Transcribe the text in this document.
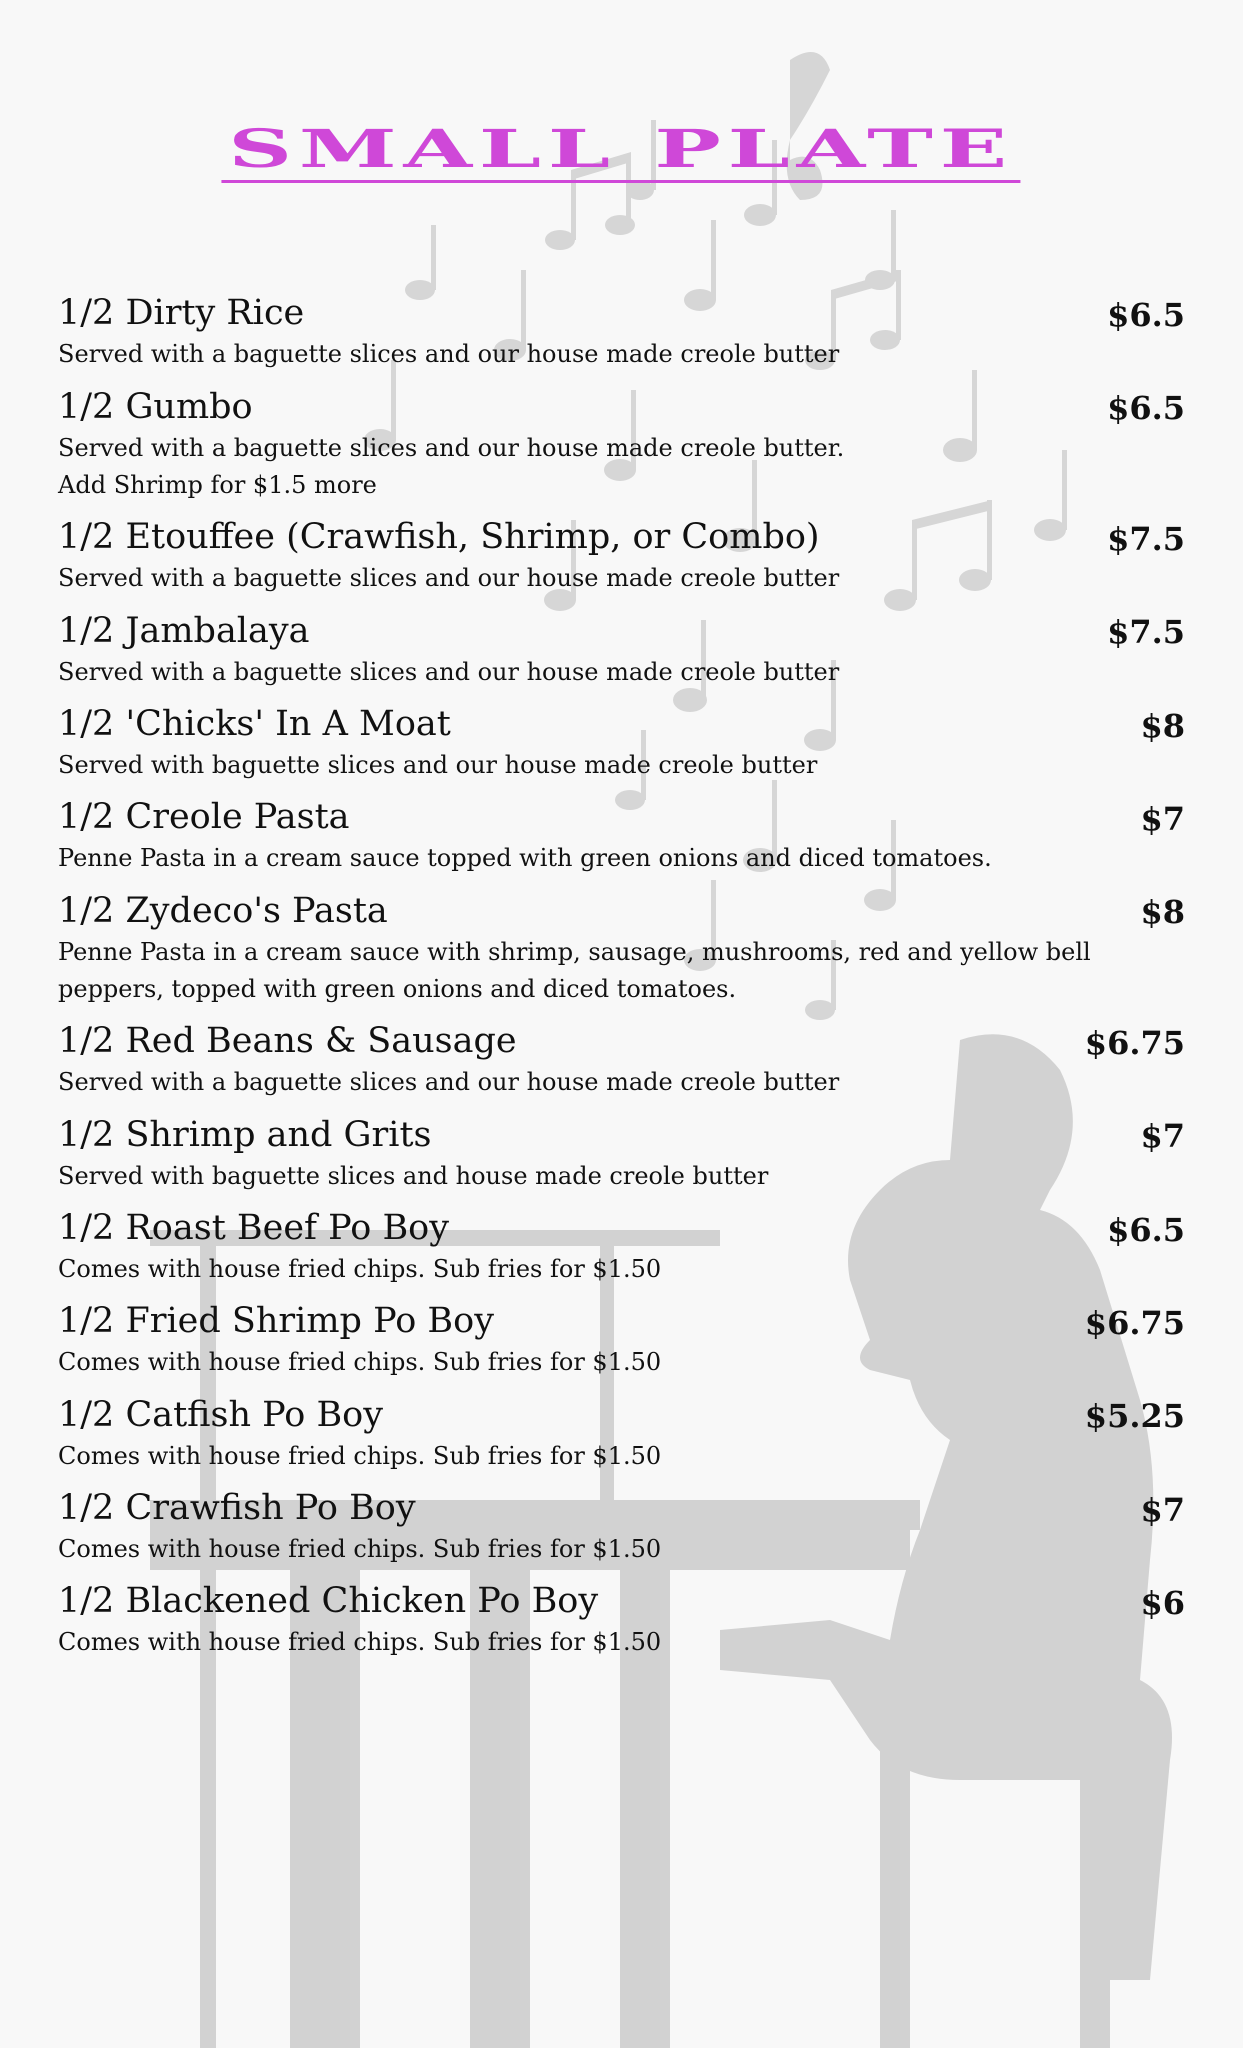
SMALL PLATE
1/2 Dirty Rice	$6.5
Served with a baguette slices and our house made creole butter
1/2 Gumbo	$6.5
Served with a baguette slices and our house made creole butter.
Add Shrimp for $1.5 more
1/2 Etouffee (Crawfish, Shrimp, or Combo)	$7.5
Served with a baguette slices and our house made creole butter
1/2 Jambalaya	$7.5
Served with a baguette slices and our house made creole butter
1/2 'Chicks' In A Moat	$8
Served with baguette slices and our house made creole butter
1/2 Creole Pasta	$7
Penne Pasta in a cream sauce topped with green onions and diced tomatoes.
1/2 Zydeco's Pasta	$8
Penne Pasta in a cream sauce with shrimp, sausage, mushrooms, red and yellow bell peppers, topped with green onions and diced tomatoes.
1/2 Red Beans & Sausage	$6.75
Served with a baguette slices and our house made creole butter
1/2 Shrimp and Grits	$7
Served with baguette slices and house made creole butter
1/2 Roast Beef Po Boy	$6.5
Comes with house fried chips. Sub fries for $1.50
1/2 Fried Shrimp Po Boy	$6.75
Comes with house fried chips. Sub fries for $1.50
1/2 Catfish Po Boy	$5.25
Comes with house fried chips. Sub fries for $1.50
1/2 Crawfish Po Boy	$7
Comes with house fried chips. Sub fries for $1.50
1/2 Blackened Chicken Po Boy	$6
Comes with house fried chips. Sub fries for $1.50
